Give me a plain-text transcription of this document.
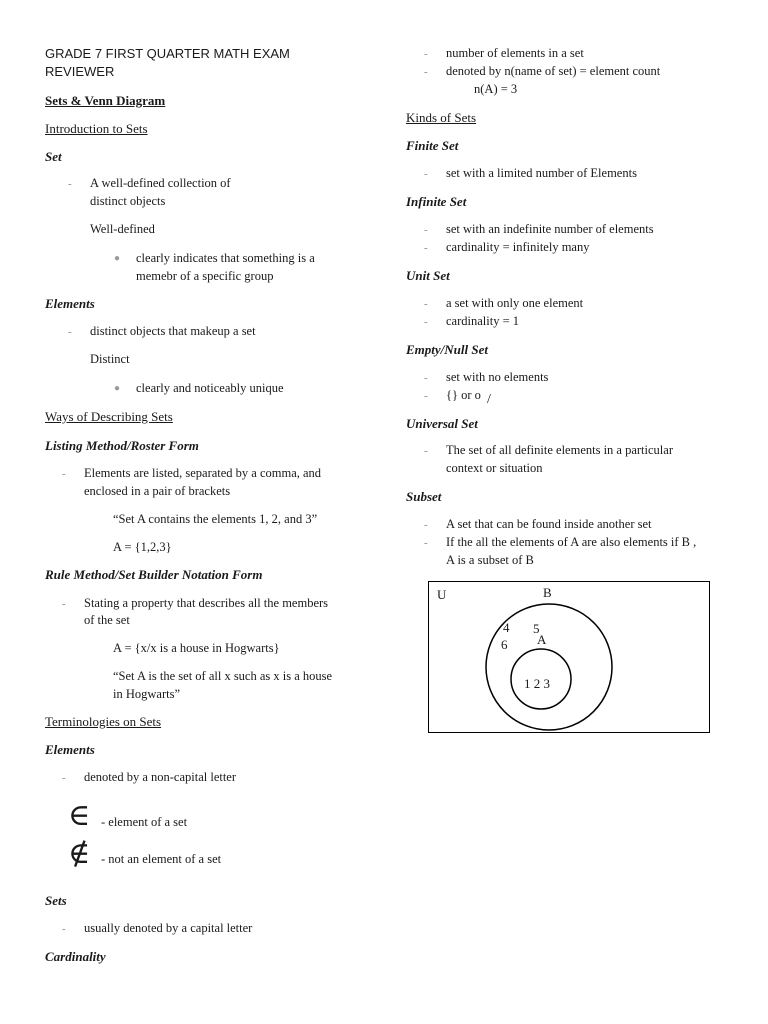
GRADE 7 FIRST QUARTER MATH EXAM
REVIEWER
Sets & Venn Diagram
Introduction to Sets
Set
- A well-defined collection of
distinct objects
Well-defined
● clearly indicates that something is a
memebr of a specific group
Elements
- distinct objects that makeup a set
Distinct
● clearly and noticeably unique
Ways of Describing Sets
Listing Method/Roster Form
- Elements are listed, separated by a comma, and
enclosed in a pair of brackets
“Set A contains the elements 1, 2, and 3”
A = {1,2,3}
Rule Method/Set Builder Notation Form
- Stating a property that describes all the members
of the set
A = {x/x is a house in Hogwarts}
“Set A is the set of all x such as x is a house
in Hogwarts”
Terminologies on Sets
Elements
- denoted by a non-capital letter
∈ - element of a set
∉ - not an element of a set
Sets
- usually denoted by a capital letter
Cardinality
- number of elements in a set
- denoted by n(name of set) = element count
n(A) = 3
Kinds of Sets
Finite Set
- set with a limited number of Elements
Infinite Set
- set with an indefinite number of elements
- cardinality = infinitely many
Unit Set
- a set with only one element
- cardinality = 1
Empty/Null Set
- set with no elements
- {} or o /
Universal Set
- The set of all definite elements in a particular
context or situation
Subset
- A set that can be found inside another set
- If the all the elements of A are also elements if B ,
A is a subset of B
U	B
A
4 5
6
1 2 3
